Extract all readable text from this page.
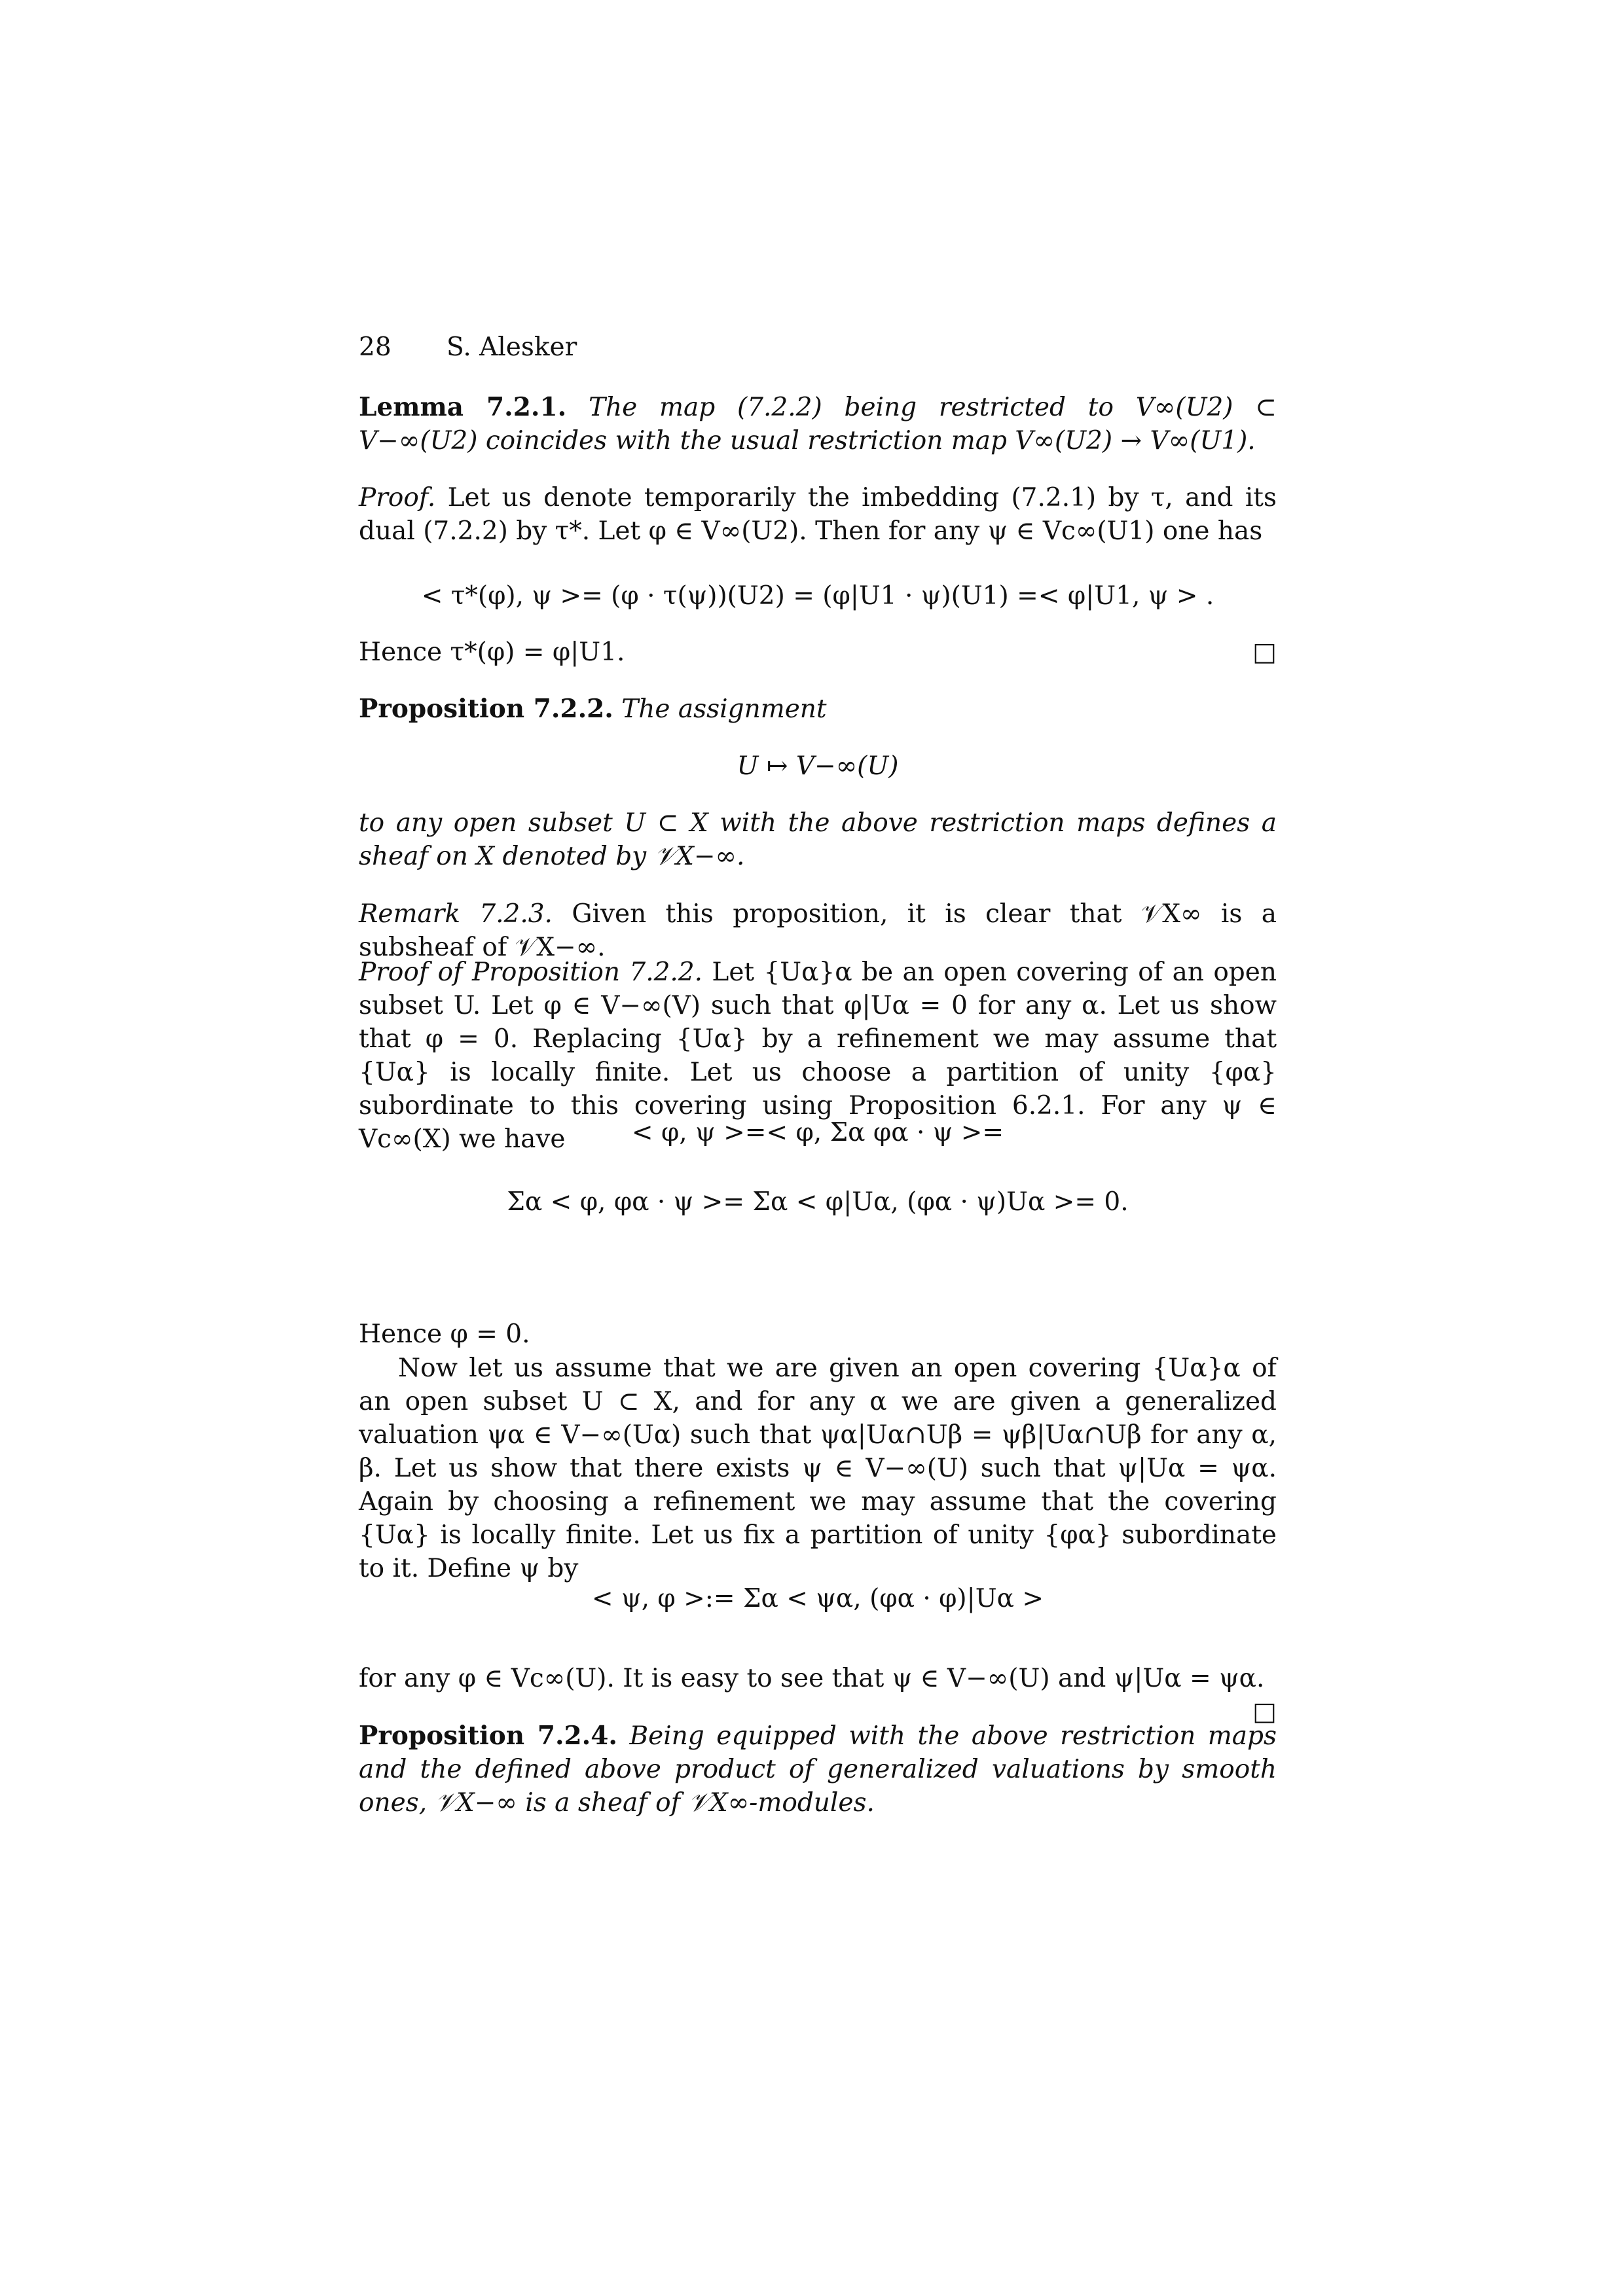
28 S. Alesker
Lemma 7.2.1. The map (7.2.2) being restricted to V∞(U2) ⊂ V−∞(U2) coincides with the usual restriction map V∞(U2) → V∞(U1).
Proof. Let us denote temporarily the imbedding (7.2.1) by τ, and its dual (7.2.2) by τ*. Let φ ∈ V∞(U2). Then for any ψ ∈ Vc∞(U1) one has
< τ*(φ), ψ >= (φ · τ(ψ))(U2) = (φ|U1 · ψ)(U1) =< φ|U1, ψ > .
Hence τ*(φ) = φ|U1.	□
Proposition 7.2.2. The assignment
U ↦ V−∞(U)
to any open subset U ⊂ X with the above restriction maps defines a sheaf on X denoted by 𝒱X−∞.
Remark 7.2.3. Given this proposition, it is clear that 𝒱X∞ is a subsheaf of 𝒱X−∞.
Proof of Proposition 7.2.2. Let {Uα}α be an open covering of an open subset U. Let φ ∈ V−∞(V) such that φ|Uα = 0 for any α. Let us show that φ = 0. Replacing {Uα} by a refinement we may assume that {Uα} is locally finite. Let us choose a partition of unity {φα} subordinate to this covering using Proposition 6.2.1. For any ψ ∈ Vc∞(X) we have	< φ, ψ >=< φ, Σα φα · ψ >=
Σα < φ, φα · ψ >= Σα < φ|Uα, (φα · ψ)Uα >= 0.
Hence φ = 0.
Now let us assume that we are given an open covering {Uα}α of an open subset U ⊂ X, and for any α we are given a generalized valuation ψα ∈ V−∞(Uα) such that ψα|Uα∩Uβ = ψβ|Uα∩Uβ for any α, β. Let us show that there exists ψ ∈ V−∞(U) such that ψ|Uα = ψα. Again by choosing a refinement we may assume that the covering {Uα} is locally finite. Let us fix a partition of unity {φα} subordinate to it. Define ψ by
< ψ, φ >:= Σα < ψα, (φα · φ)|Uα >
for any φ ∈ Vc∞(U). It is easy to see that ψ ∈ V−∞(U) and ψ|Uα = ψα.
□
Proposition 7.2.4. Being equipped with the above restriction maps and the defined above product of generalized valuations by smooth ones, 𝒱X−∞ is a sheaf of 𝒱X∞-modules.
